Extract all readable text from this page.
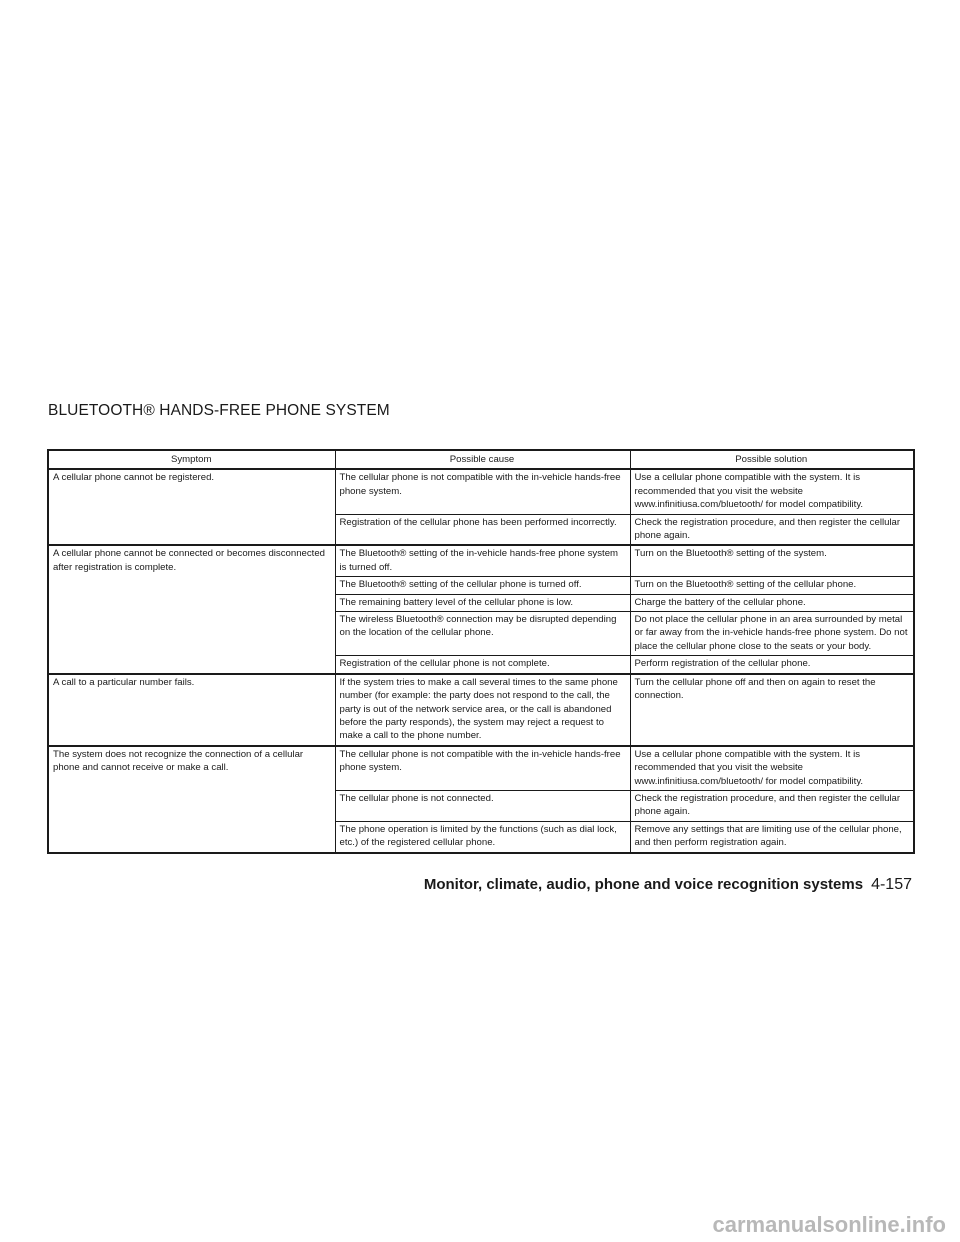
BLUETOOTH® HANDS-FREE PHONE SYSTEM
Symptom	Possible cause	Possible solution
A cellular phone cannot be registered.	The cellular phone is not compatible with the in-vehicle hands-free phone system.	Use a cellular phone compatible with the system. It is recommended that you visit the website www.infinitiusa.com/bluetooth/ for model compatibility.
	Registration of the cellular phone has been performed incorrectly.	Check the registration procedure, and then register the cellular phone again.
A cellular phone cannot be connected or becomes disconnected after registration is complete.	The Bluetooth® setting of the in-vehicle hands-free phone system is turned off.	Turn on the Bluetooth® setting of the system.
	The Bluetooth® setting of the cellular phone is turned off.	Turn on the Bluetooth® setting of the cellular phone.
	The remaining battery level of the cellular phone is low.	Charge the battery of the cellular phone.
	The wireless Bluetooth® connection may be disrupted depending on the location of the cellular phone.	Do not place the cellular phone in an area surrounded by metal or far away from the in-vehicle hands-free phone system. Do not place the cellular phone close to the seats or your body.
	Registration of the cellular phone is not complete.	Perform registration of the cellular phone.
A call to a particular number fails.	If the system tries to make a call several times to the same phone number (for example: the party does not respond to the call, the party is out of the network service area, or the call is abandoned before the party responds), the system may reject a request to make a call to the phone number.	Turn the cellular phone off and then on again to reset the connection.
The system does not recognize the connection of a cellular phone and cannot receive or make a call.	The cellular phone is not compatible with the in-vehicle hands-free phone system.	Use a cellular phone compatible with the system. It is recommended that you visit the website www.infinitiusa.com/bluetooth/ for model compatibility.
	The cellular phone is not connected.	Check the registration procedure, and then register the cellular phone again.
	The phone operation is limited by the functions (such as dial lock, etc.) of the registered cellular phone.	Remove any settings that are limiting use of the cellular phone, and then perform registration again.
Monitor, climate, audio, phone and voice recognition systems 4-157
carmanualsonline.info
